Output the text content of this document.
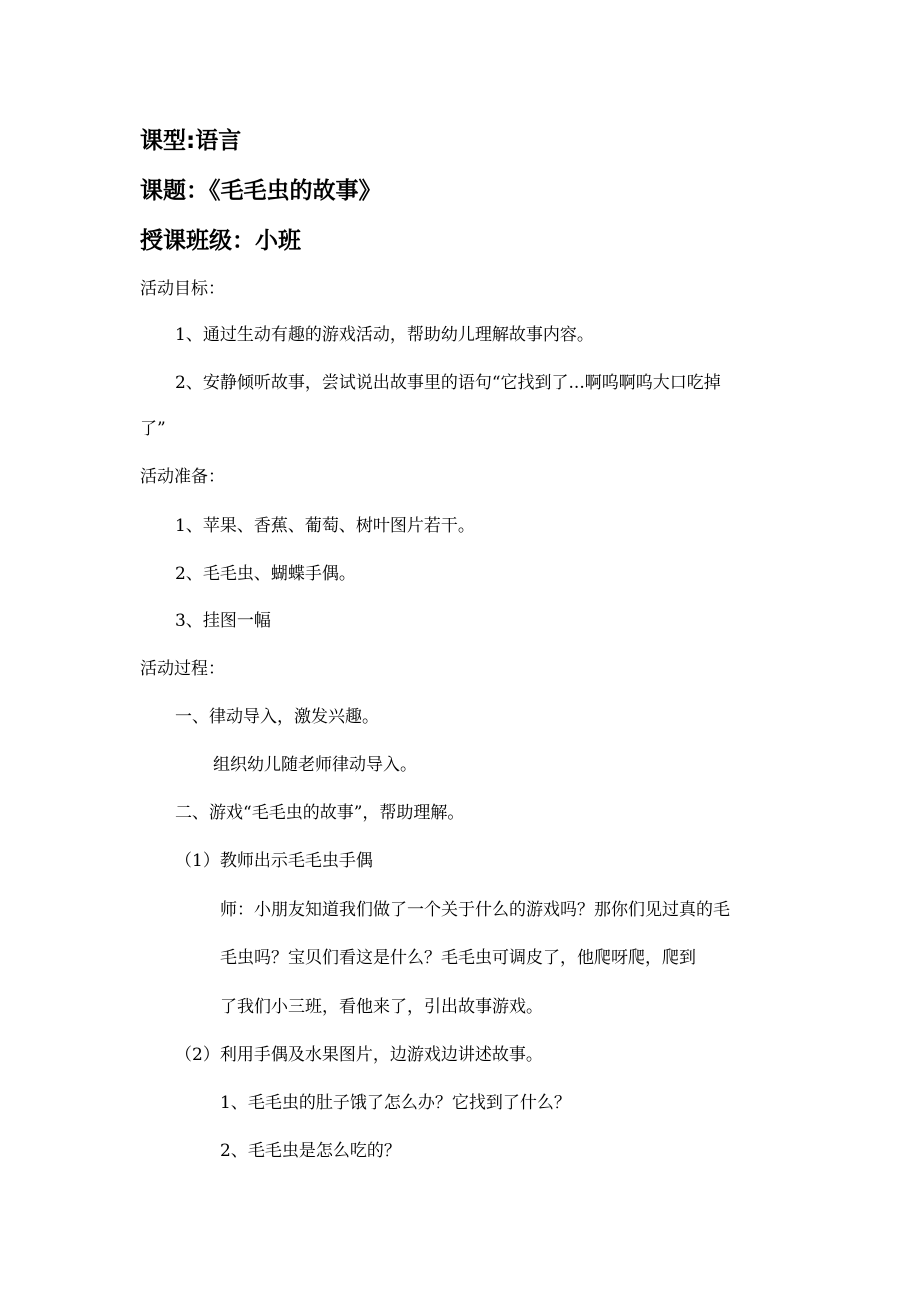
课型:语言
课题：《毛毛虫的故事》
授课班级：小班
活动目标：
1、通过生动有趣的游戏活动，帮助幼儿理解故事内容。
2、安静倾听故事，尝试说出故事里的语句“它找到了...啊呜啊呜大口吃掉
了”
活动准备：
1、苹果、香蕉、葡萄、树叶图片若干。
2、毛毛虫、蝴蝶手偶。
3、挂图一幅
活动过程：
一、律动导入，激发兴趣。
组织幼儿随老师律动导入。
二、游戏“毛毛虫的故事”，帮助理解。
（1）教师出示毛毛虫手偶
师：小朋友知道我们做了一个关于什么的游戏吗？那你们见过真的毛
毛虫吗？宝贝们看这是什么？毛毛虫可调皮了，他爬呀爬，爬到
了我们小三班，看他来了，引出故事游戏。
（2）利用手偶及水果图片，边游戏边讲述故事。
1、毛毛虫的肚子饿了怎么办？它找到了什么？
2、毛毛虫是怎么吃的？
